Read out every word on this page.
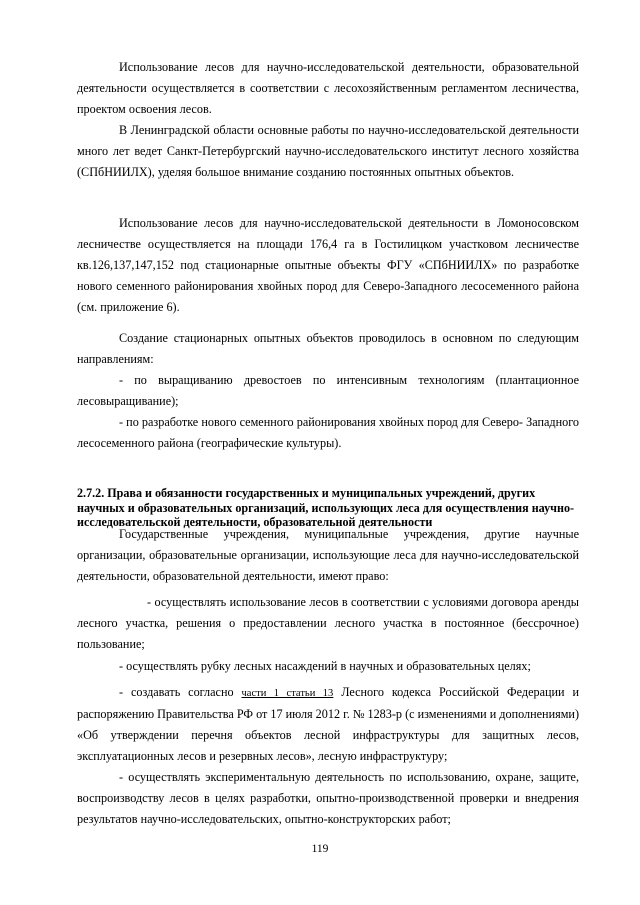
Использование лесов для научно-исследовательской деятельности, образовательной деятельности осуществляется в соответствии с лесохозяйственным регламентом лесничества, проектом освоения лесов.

В Ленинградской области основные работы по научно-исследовательской деятельности много лет ведет Санкт-Петербургский научно-исследовательского институт лесного хозяйства (СПбНИИЛХ), уделяя большое внимание созданию постоянных опытных объектов.

Использование лесов для научно-исследовательской деятельности в Ломоносовском лесничестве осуществляется на площади 176,4 га в Гостилицком участковом лесничестве кв.126,137,147,152 под стационарные опытные объекты ФГУ «СПбНИИЛХ» по разработке нового семенного районирования хвойных пород для Северо-Западного лесосеменного района (см. приложение 6).

Создание стационарных опытных объектов проводилось в основном по следующим направлениям:

- по выращиванию древостоев по интенсивным технологиям (плантационное лесовыращивание);

- по разработке нового семенного районирования хвойных пород для Северо- Западного лесосеменного района (географические культуры).

2.7.2. Права и обязанности государственных и муниципальных учреждений, других научных и образовательных организаций, использующих леса для осуществления научно-исследовательской деятельности, образовательной деятельности

Государственные учреждения, муниципальные учреждения, другие научные организации, образовательные организации, использующие леса для научно-исследовательской деятельности, образовательной деятельности, имеют право:

- осуществлять использование лесов в соответствии с условиями договора аренды лесного участка, решения о предоставлении лесного участка в постоянное (бессрочное) пользование;

- осуществлять рубку лесных насаждений в научных и образовательных целях;

- создавать согласно части 1 статьи 13 Лесного кодекса Российской Федерации и распоряжению Правительства РФ от 17 июля 2012 г. № 1283-р (с изменениями и дополнениями) «Об утверждении перечня объектов лесной инфраструктуры для защитных лесов, эксплуатационных лесов и резервных лесов», лесную инфраструктуру;

- осуществлять экспериментальную деятельность по использованию, охране, защите, воспроизводству лесов в целях разработки, опытно-производственной проверки и внедрения результатов научно-исследовательских, опытно-конструкторских работ;

119
